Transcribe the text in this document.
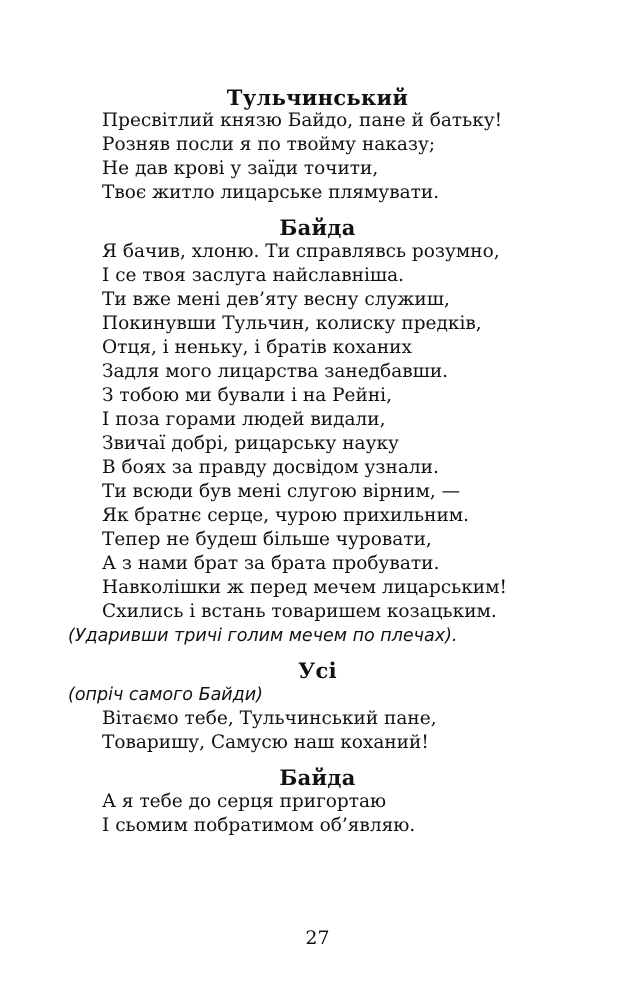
Тульчинський
Пресвітлий князю Байдо, пане й батьку!
Розняв посли я по твойму наказу;
Не дав крові у заїди точити,
Твоє житло лицарське плямувати.
Байда
Я бачив, хлоню. Ти справлявсь розумно,
І се твоя заслуга найславніша.
Ти вже мені дев’яту весну служиш,
Покинувши Тульчин, колиску предків,
Отця, і неньку, і братів коханих
Задля мого лицарства занедбавши.
З тобою ми бували і на Рейні,
І поза горами людей видали,
Звичаї добрі, рицарську науку
В боях за правду досвідом узнали.
Ти всюди був мені слугою вірним, —
Як братнє серце, чурою прихильним.
Тепер не будеш більше чуровати,
А з нами брат за брата пробувати.
Навколішки ж перед мечем лицарським!
Схились і встань товаришем козацьким.
(Ударивши тричі голим мечем по плечах).
Усі
(опріч самого Байди)
Вітаємо тебе, Тульчинський пане,
Товаришу, Самусю наш коханий!
Байда
А я тебе до серця пригортаю
І сьомим побратимом об’являю.
27
